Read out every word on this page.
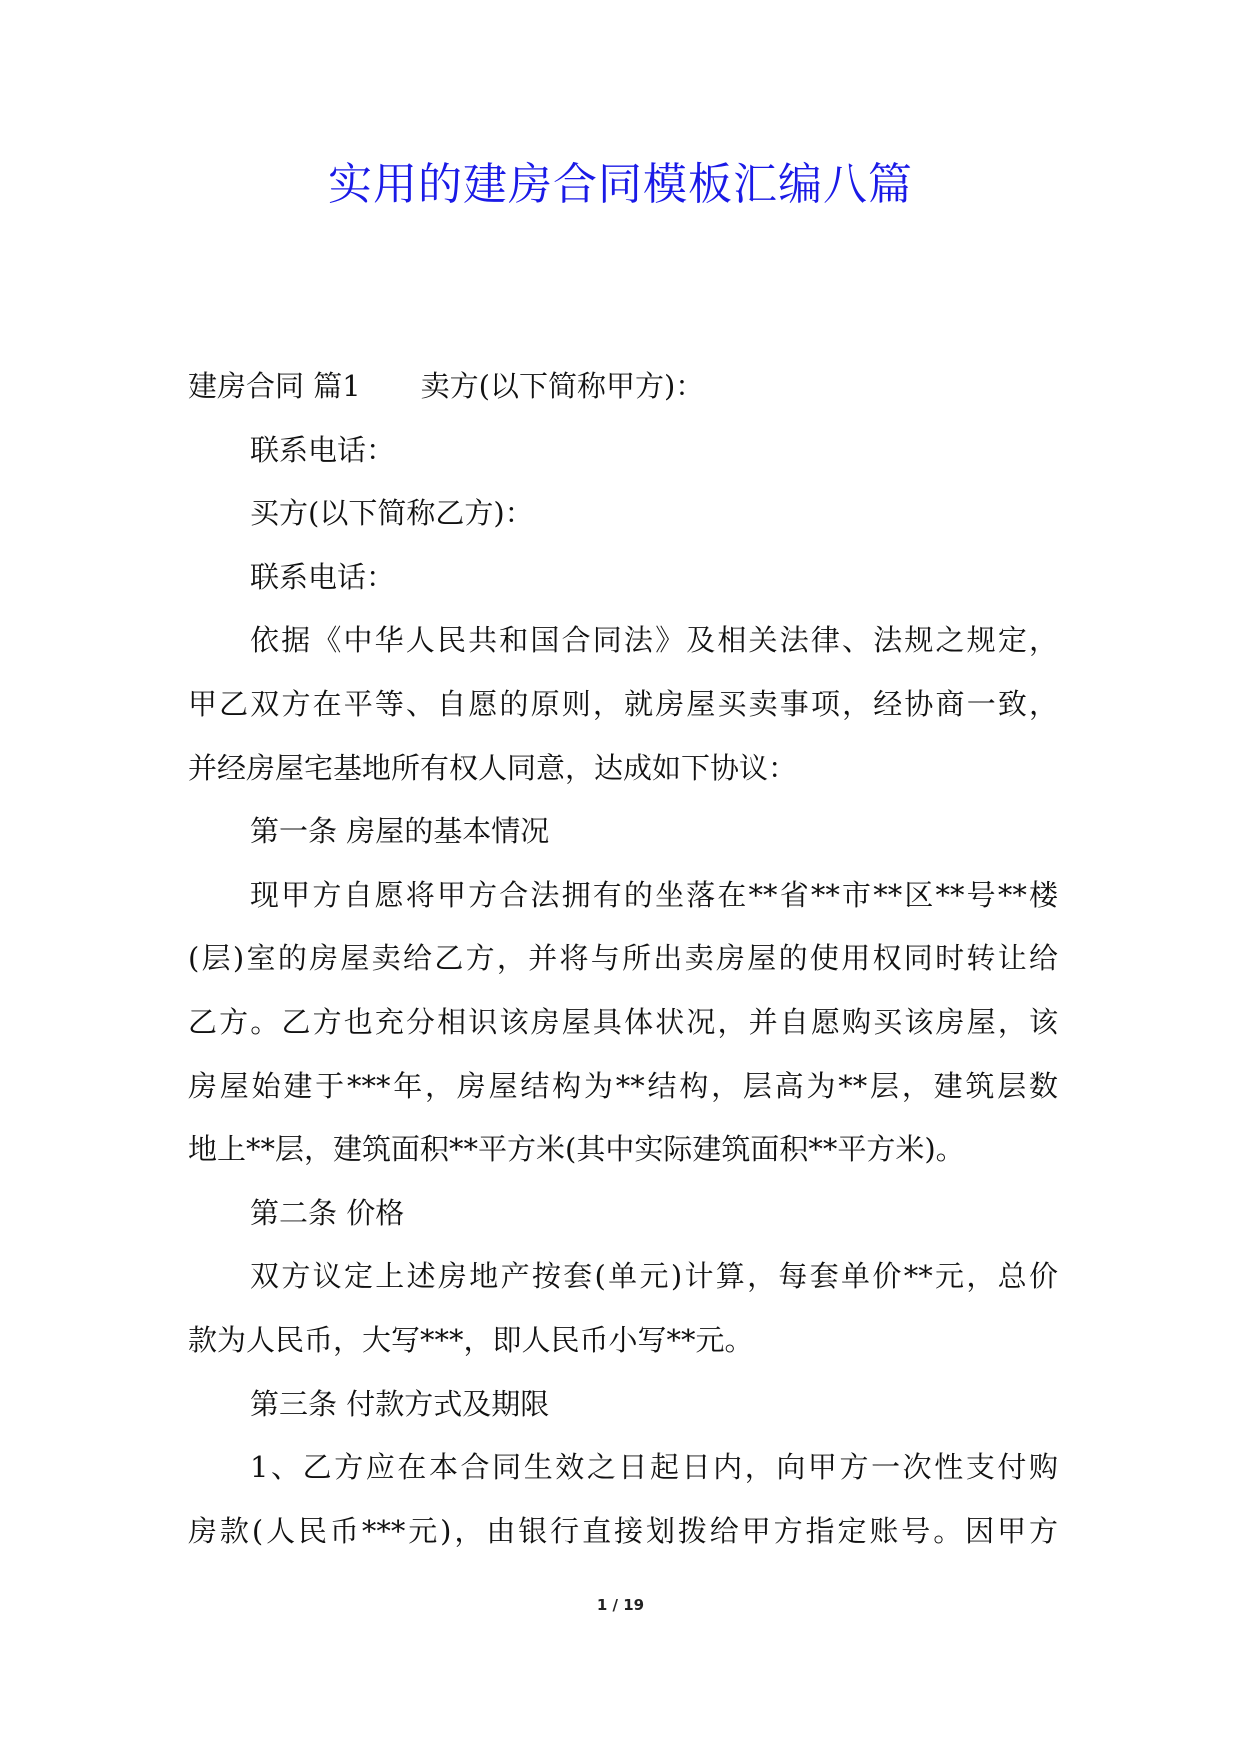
实用的建房合同模板汇编八篇

建房合同 篇1 卖方(以下简称甲方)：

联系电话：

买方(以下简称乙方)：

联系电话：

依据《中华人民共和国合同法》及相关法律、法规之规定，

甲乙双方在平等、自愿的原则，就房屋买卖事项，经协商一致，

并经房屋宅基地所有权人同意，达成如下协议：

第一条 房屋的基本情况

现甲方自愿将甲方合法拥有的坐落在**省**市**区**号**楼

(层)室的房屋卖给乙方，并将与所出卖房屋的使用权同时转让给

乙方。乙方也充分相识该房屋具体状况，并自愿购买该房屋，该

房屋始建于***年，房屋结构为**结构，层高为**层，建筑层数

地上**层，建筑面积**平方米(其中实际建筑面积**平方米)。

第二条 价格

双方议定上述房地产按套(单元)计算，每套单价**元，总价

款为人民币，大写***，即人民币小写**元。

第三条 付款方式及期限

1、乙方应在本合同生效之日起日内，向甲方一次性支付购

房款(人民币***元)，由银行直接划拨给甲方指定账号。因甲方

1 / 19
